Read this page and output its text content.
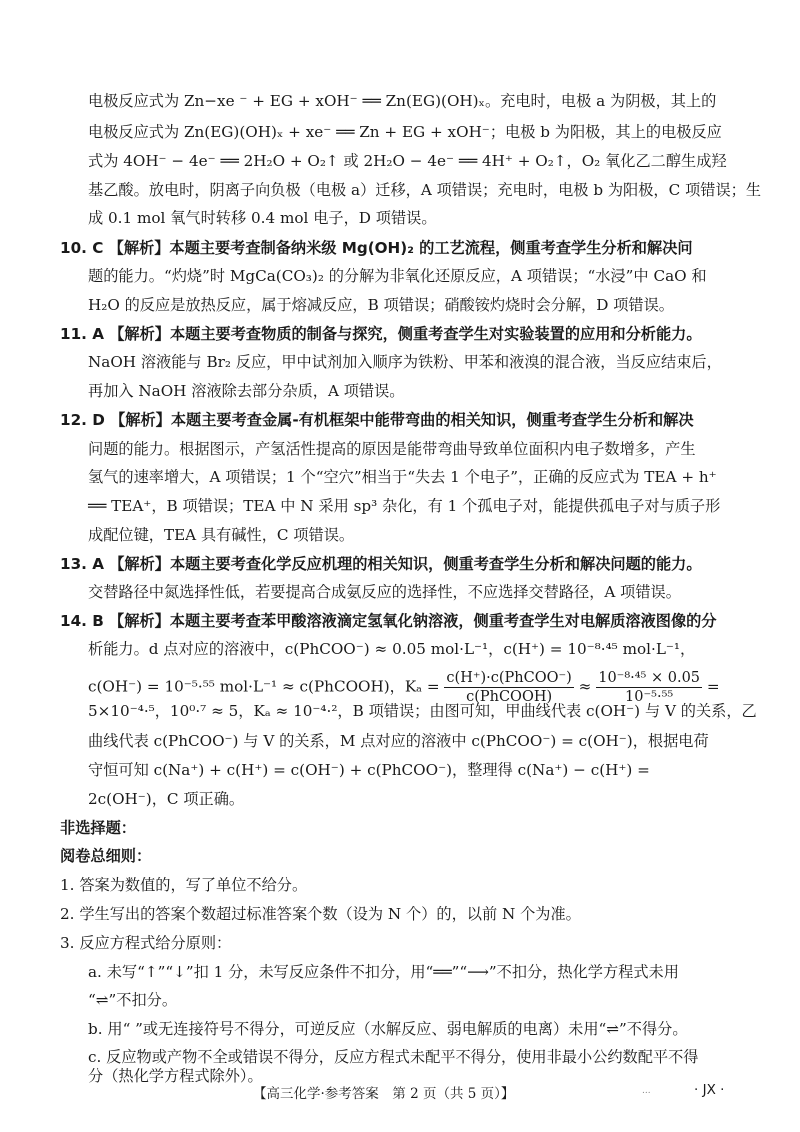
电极反应式为 Zn−xe ⁻ + EG + xOH⁻ ══ Zn(EG)(OH)ₓ。充电时，电极 a 为阴极，其上的
电极反应式为 Zn(EG)(OH)ₓ + xe⁻ ══ Zn + EG + xOH⁻；电极 b 为阳极，其上的电极反应
式为 4OH⁻ − 4e⁻ ══ 2H₂O + O₂↑ 或 2H₂O − 4e⁻ ══ 4H⁺ + O₂↑，O₂ 氧化乙二醇生成羟
基乙酸。放电时，阴离子向负极（电极 a）迁移，A 项错误；充电时，电极 b 为阳极，C 项错误；生
成 0.1 mol 氧气时转移 0.4 mol 电子，D 项错误。
10. C 【解析】本题主要考查制备纳米级 Mg(OH)₂ 的工艺流程，侧重考查学生分析和解决问
题的能力。“灼烧”时 MgCa(CO₃)₂ 的分解为非氧化还原反应，A 项错误；“水浸”中 CaO 和
H₂O 的反应是放热反应，属于熔减反应，B 项错误；硝酸铵灼烧时会分解，D 项错误。
11. A 【解析】本题主要考查物质的制备与探究，侧重考查学生对实验装置的应用和分析能力。
NaOH 溶液能与 Br₂ 反应，甲中试剂加入顺序为铁粉、甲苯和液溴的混合液，当反应结束后，
再加入 NaOH 溶液除去部分杂质，A 项错误。
12. D 【解析】本题主要考查金属-有机框架中能带弯曲的相关知识，侧重考查学生分析和解决
问题的能力。根据图示，产氢活性提高的原因是能带弯曲导致单位面积内电子数增多，产生
氢气的速率增大，A 项错误；1 个“空穴”相当于“失去 1 个电子”，正确的反应式为 TEA + h⁺
══ TEA⁺，B 项错误；TEA 中 N 采用 sp³ 杂化，有 1 个孤电子对，能提供孤电子对与质子形
成配位键，TEA 具有碱性，C 项错误。
13. A 【解析】本题主要考查化学反应机理的相关知识，侧重考查学生分析和解决问题的能力。
交替路径中氮选择性低，若要提高合成氨反应的选择性，不应选择交替路径，A 项错误。
14. B 【解析】本题主要考查苯甲酸溶液滴定氢氧化钠溶液，侧重考查学生对电解质溶液图像的分
析能力。d 点对应的溶液中，c(PhCOO⁻) ≈ 0.05 mol·L⁻¹，c(H⁺) = 10⁻⁸·⁴⁵ mol·L⁻¹，
c(OH⁻) = 10⁻⁵·⁵⁵ mol·L⁻¹ ≈ c(PhCOOH)，$K_a = \frac{\text{c(H⁺)·c(PhCOO⁻)}}{\text{c(PhCOOH)}} \approx \frac{\text{10⁻⁸·⁴⁵ × 0.05}}{\text{10⁻⁵·⁵⁵}}$ =
5×10⁻⁴·⁵，10⁰·⁷ ≈ 5，Kₐ ≈ 10⁻⁴·²，B 项错误；由图可知，甲曲线代表 c(OH⁻) 与 V 的关系，乙
曲线代表 c(PhCOO⁻) 与 V 的关系，M 点对应的溶液中 c(PhCOO⁻) = c(OH⁻)，根据电荷
守恒可知 c(Na⁺) + c(H⁺) = c(OH⁻) + c(PhCOO⁻)，整理得 c(Na⁺) − c(H⁺) =
2c(OH⁻)，C 项正确。
非选择题：
阅卷总细则：
1. 答案为数值的，写了单位不给分。
2. 学生写出的答案个数超过标准答案个数（设为 N 个）的，以前 N 个为准。
3. 反应方程式给分原则：
a. 未写“↑”“↓”扣 1 分，未写反应条件不扣分，用“══”“⟶”不扣分，热化学方程式未用
“⇌”不扣分。
b. 用“ ”或无连接符号不得分，可逆反应（水解反应、弱电解质的电离）未用“⇌”不得分。
c. 反应物或产物不全或错误不得分，反应方程式未配平不得分，使用非最小公约数配平不得
分（热化学方程式除外）。
【高三化学·参考答案　第 2 页（共 5 页）】	...	· JX ·
